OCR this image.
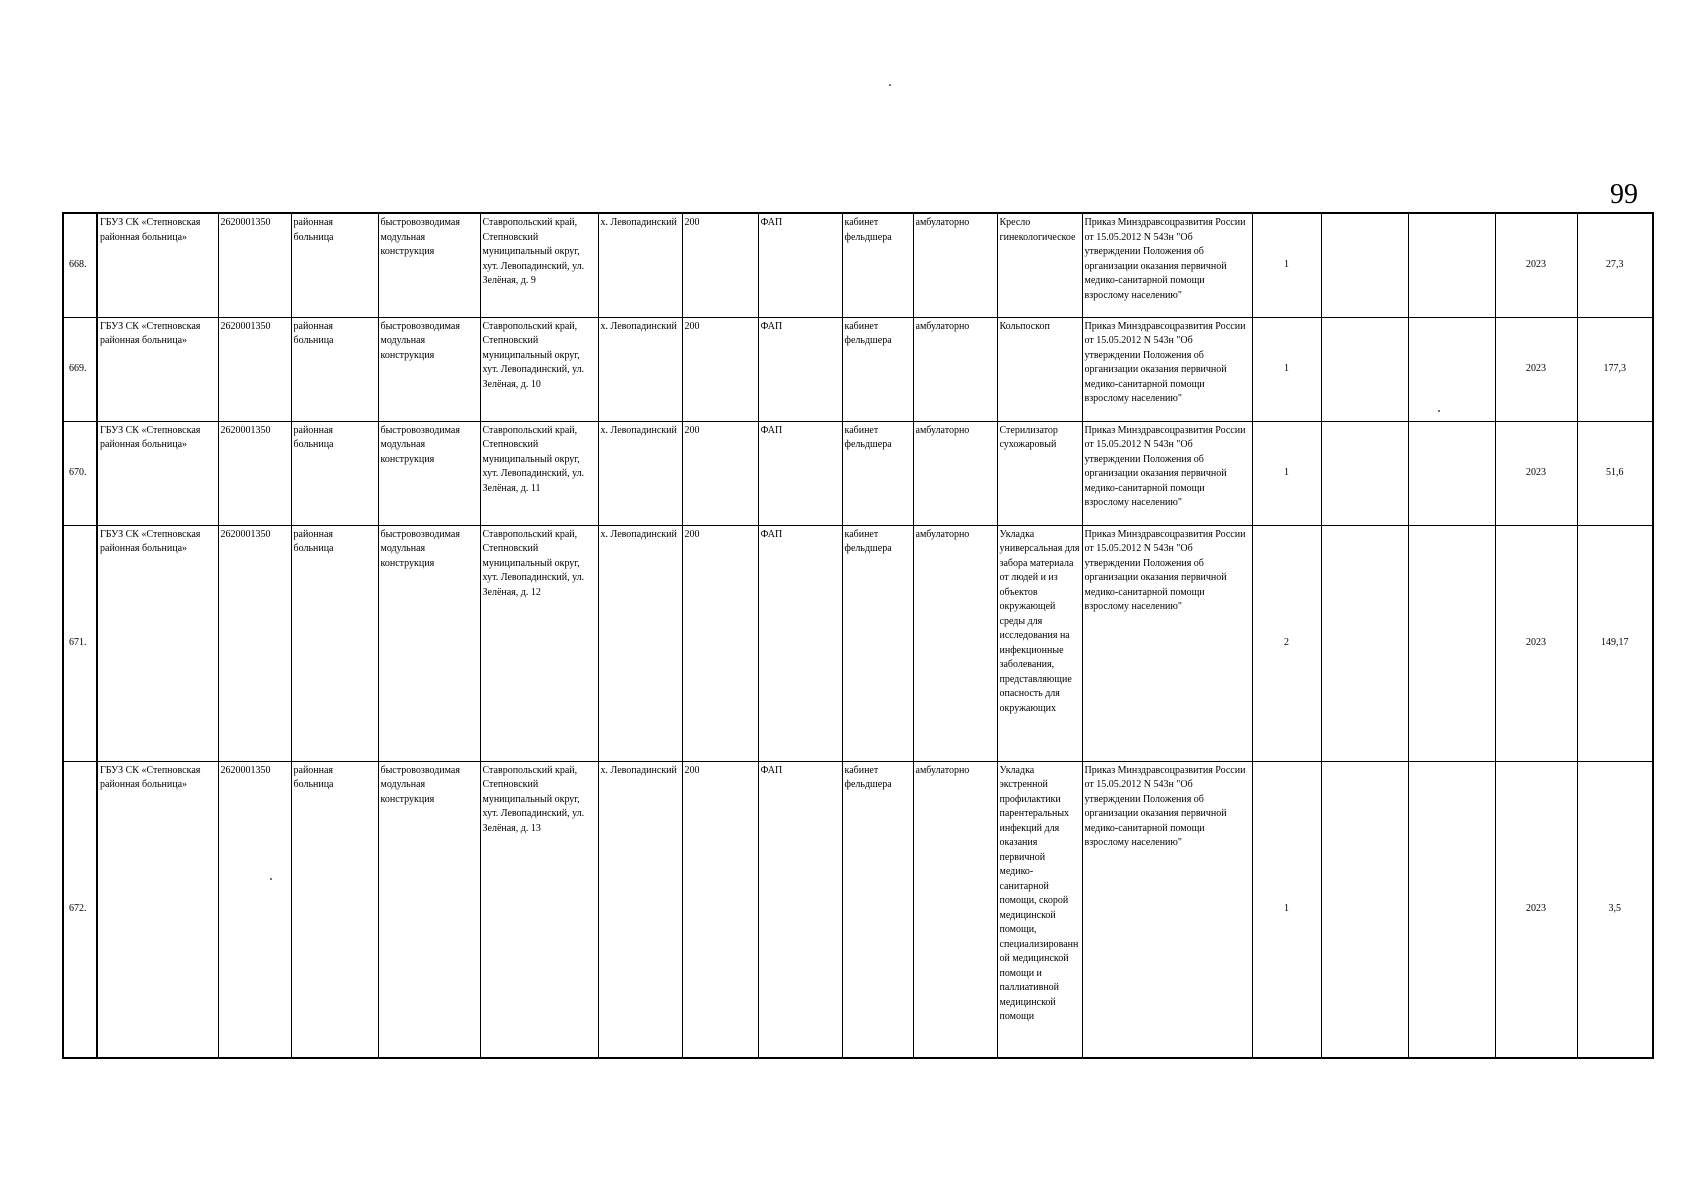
99
668.	ГБУЗ СК «Степновская районная больница»	2620001350	районная больница	быстровозводимая модульная конструкция	Ставропольский край, Степновский муниципальный округ, хут. Левопадинский, ул. Зелёная, д. 9	х. Левопадинский	200	ФАП	кабинет фельдшера	амбулаторно	Кресло гинекологическое	Приказ Минздравсоцразвития России от 15.05.2012 N 543н "Об утверждении Положения об организации оказания первичной медико-санитарной помощи взрослому населению"	1			2023	27,3
669.	ГБУЗ СК «Степновская районная больница»	2620001350	районная больница	быстровозводимая модульная конструкция	Ставропольский край, Степновский муниципальный округ, хут. Левопадинский, ул. Зелёная, д. 10	х. Левопадинский	200	ФАП	кабинет фельдшера	амбулаторно	Кольпоскоп	Приказ Минздравсоцразвития России от 15.05.2012 N 543н "Об утверждении Положения об организации оказания первичной медико-санитарной помощи взрослому населению"	1			2023	177,3
670.	ГБУЗ СК «Степновская районная больница»	2620001350	районная больница	быстровозводимая модульная конструкция	Ставропольский край, Степновский муниципальный округ, хут. Левопадинский, ул. Зелёная, д. 11	х. Левопадинский	200	ФАП	кабинет фельдшера	амбулаторно	Стерилизатор сухожаровый	Приказ Минздравсоцразвития России от 15.05.2012 N 543н "Об утверждении Положения об организации оказания первичной медико-санитарной помощи взрослому населению"	1			2023	51,6
671.	ГБУЗ СК «Степновская районная больница»	2620001350	районная больница	быстровозводимая модульная конструкция	Ставропольский край, Степновский муниципальный округ, хут. Левопадинский, ул. Зелёная, д. 12	х. Левопадинский	200	ФАП	кабинет фельдшера	амбулаторно	Укладка универсальная для забора материала от людей и из объектов окружающей среды для исследования на инфекционные заболевания, представляющие опасность для окружающих	Приказ Минздравсоцразвития России от 15.05.2012 N 543н "Об утверждении Положения об организации оказания первичной медико-санитарной помощи взрослому населению"	2			2023	149,17
672.	ГБУЗ СК «Степновская районная больница»	2620001350	районная больница	быстровозводимая модульная конструкция	Ставропольский край, Степновский муниципальный округ, хут. Левопадинский, ул. Зелёная, д. 13	х. Левопадинский	200	ФАП	кабинет фельдшера	амбулаторно	Укладка экстренной профилактики парентеральных инфекций для оказания первичной медико-санитарной помощи, скорой медицинской помощи, специализированной медицинской помощи и паллиативной медицинской помощи	Приказ Минздравсоцразвития России от 15.05.2012 N 543н "Об утверждении Положения об организации оказания первичной медико-санитарной помощи взрослому населению"	1			2023	3,5
